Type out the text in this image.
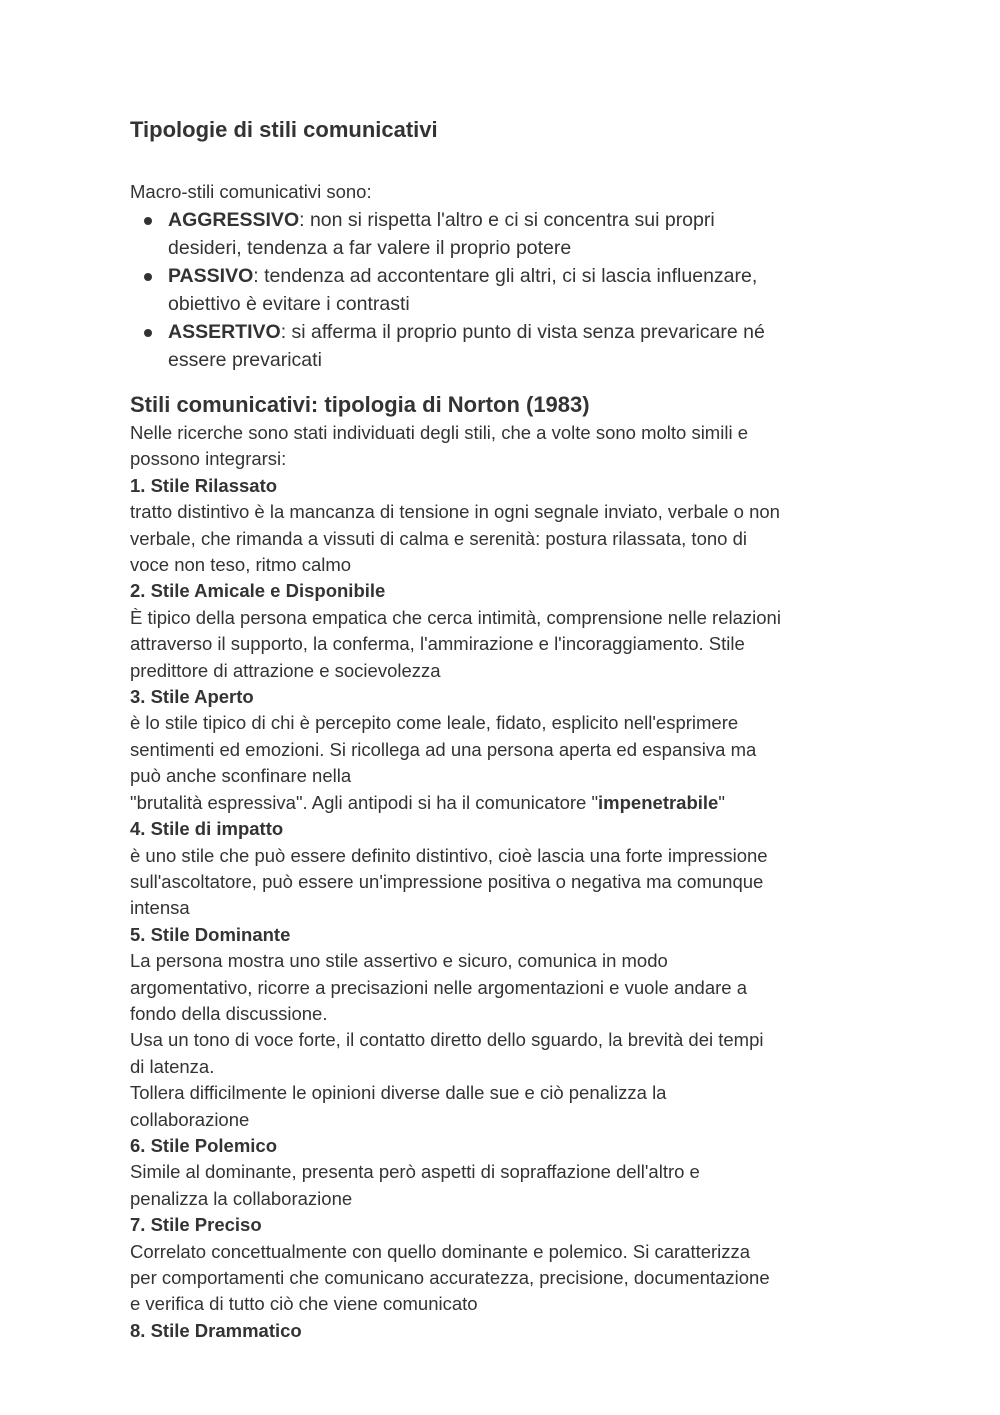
Tipologie di stili comunicativi
Macro-stili comunicativi sono:
AGGRESSIVO: non si rispetta l'altro e ci si concentra sui propri
desideri, tendenza a far valere il proprio potere
PASSIVO: tendenza ad accontentare gli altri, ci si lascia influenzare,
obiettivo è evitare i contrasti
ASSERTIVO: si afferma il proprio punto di vista senza prevaricare né
essere prevaricati
Stili comunicativi: tipologia di Norton (1983)
Nelle ricerche sono stati individuati degli stili, che a volte sono molto simili e
possono integrarsi:
1. Stile Rilassato
tratto distintivo è la mancanza di tensione in ogni segnale inviato, verbale o non
verbale, che rimanda a vissuti di calma e serenità: postura rilassata, tono di
voce non teso, ritmo calmo

2. Stile Amicale e Disponibile
È tipico della persona empatica che cerca intimità, comprensione nelle relazioni
attraverso il supporto, la conferma, l'ammirazione e l'incoraggiamento. Stile
predittore di attrazione e socievolezza

3. Stile Aperto
è lo stile tipico di chi è percepito come leale, fidato, esplicito nell'esprimere
sentimenti ed emozioni. Si ricollega ad una persona aperta ed espansiva ma
può anche sconfinare nella
"brutalità espressiva". Agli antipodi si ha il comunicatore "impenetrabile"
4. Stile di impatto
è uno stile che può essere definito distintivo, cioè lascia una forte impressione
sull'ascoltatore, può essere un'impressione positiva o negativa ma comunque
intensa

5. Stile Dominante
La persona mostra uno stile assertivo e sicuro, comunica in modo
argomentativo, ricorre a precisazioni nelle argomentazioni e vuole andare a
fondo della discussione.
Usa un tono di voce forte, il contatto diretto dello sguardo, la brevità dei tempi
di latenza.
Tollera difficilmente le opinioni diverse dalle sue e ciò penalizza la
collaborazione

6. Stile Polemico
Simile al dominante, presenta però aspetti di sopraffazione dell'altro e
penalizza la collaborazione

7. Stile Preciso
Correlato concettualmente con quello dominante e polemico. Si caratterizza
per comportamenti che comunicano accuratezza, precisione, documentazione
e verifica di tutto ciò che viene comunicato

8. Stile Drammatico
